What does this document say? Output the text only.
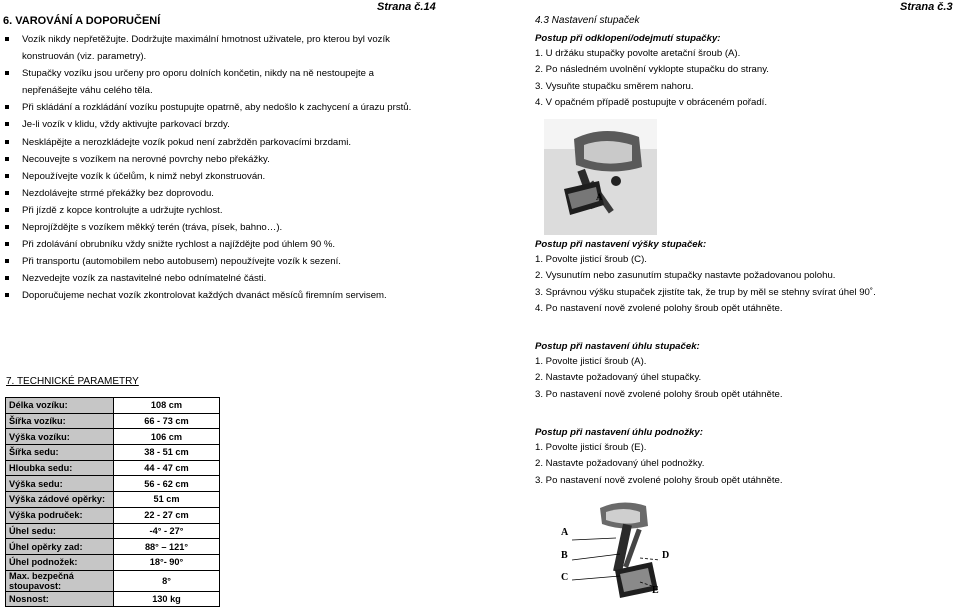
Strana č.14
6. VAROVÁNÍ A DOPORUČENÍ
Vozík nikdy nepřetěžujte. Dodržujte maximální hmotnost uživatele, pro kterou byl vozík konstruován (viz. parametry).
Stupačky vozíku jsou určeny pro oporu dolních končetin, nikdy na ně nestoupejte a nepřenášejte váhu celého těla.
Při skládání a rozkládání vozíku postupujte opatrně, aby nedošlo k zachycení a úrazu prstů.
Je-li vozík v klidu, vždy aktivujte parkovací brzdy.
Nesklápějte a nerozkládejte vozík pokud není zabržděn parkovacími brzdami.
Necouvejte s vozíkem na nerovné povrchy nebo překážky.
Nepoužívejte vozík k účelům, k nimž nebyl zkonstruován.
Nezdolávejte strmé překážky bez doprovodu.
Při jízdě z kopce kontrolujte a udržujte rychlost.
Neprojíždějte s vozíkem měkký terén (tráva, písek, bahno…).
Při zdolávání obrubníku vždy snižte rychlost a najíždějte pod úhlem 90 %.
Při transportu (automobilem nebo autobusem) nepoužívejte vozík k sezení.
Nezvedejte vozík za nastavitelné nebo odnímatelné části.
Doporučujeme nechat vozík zkontrolovat každých dvanáct měsíců firemním servisem.
7. TECHNICKÉ PARAMETRY
Délka vozíku:	108 cm
Šířka vozíku:	66 - 73 cm
Výška vozíku:	106 cm
Šířka sedu:	38 - 51 cm
Hloubka sedu:	44 - 47 cm
Výška sedu:	56 - 62 cm
Výška zádové opěrky:	51 cm
Výška područek:	22 - 27 cm
Úhel sedu:	-4° - 27°
Úhel opěrky zad:	88° – 121°
Úhel podnožek:	18°- 90°
Max. bezpečná stoupavost:	8°
Nosnost:	130 kg
Strana č.3
4.3 Nastavení stupaček
Postup při odklopení/odejmutí stupačky:
1. U držáku stupačky povolte aretační šroub (A).
2. Po následném uvolnění vyklopte stupačku do strany.
3. Vysuňte stupačku směrem nahoru.
4. V opačném případě postupujte v obráceném pořadí.
A
Postup při nastavení výšky stupaček:
1. Povolte jisticí šroub (C).
2. Vysunutím nebo zasunutím stupačky nastavte požadovanou polohu.
3. Správnou výšku stupaček zjistíte tak, že trup by měl se stehny svírat úhel 90˚.
4. Po nastavení nově zvolené polohy šroub opět utáhněte.
Postup při nastavení úhlu stupaček:
1. Povolte jisticí šroub (A).
2. Nastavte požadovaný úhel stupačky.
3. Po nastavení nově zvolené polohy šroub opět utáhněte.
Postup při nastavení úhlu podnožky:
1. Povolte jisticí šroub (E).
2. Nastavte požadovaný úhel podnožky.
3. Po nastavení nově zvolené polohy šroub opět utáhněte.
A
B
C
D
E
